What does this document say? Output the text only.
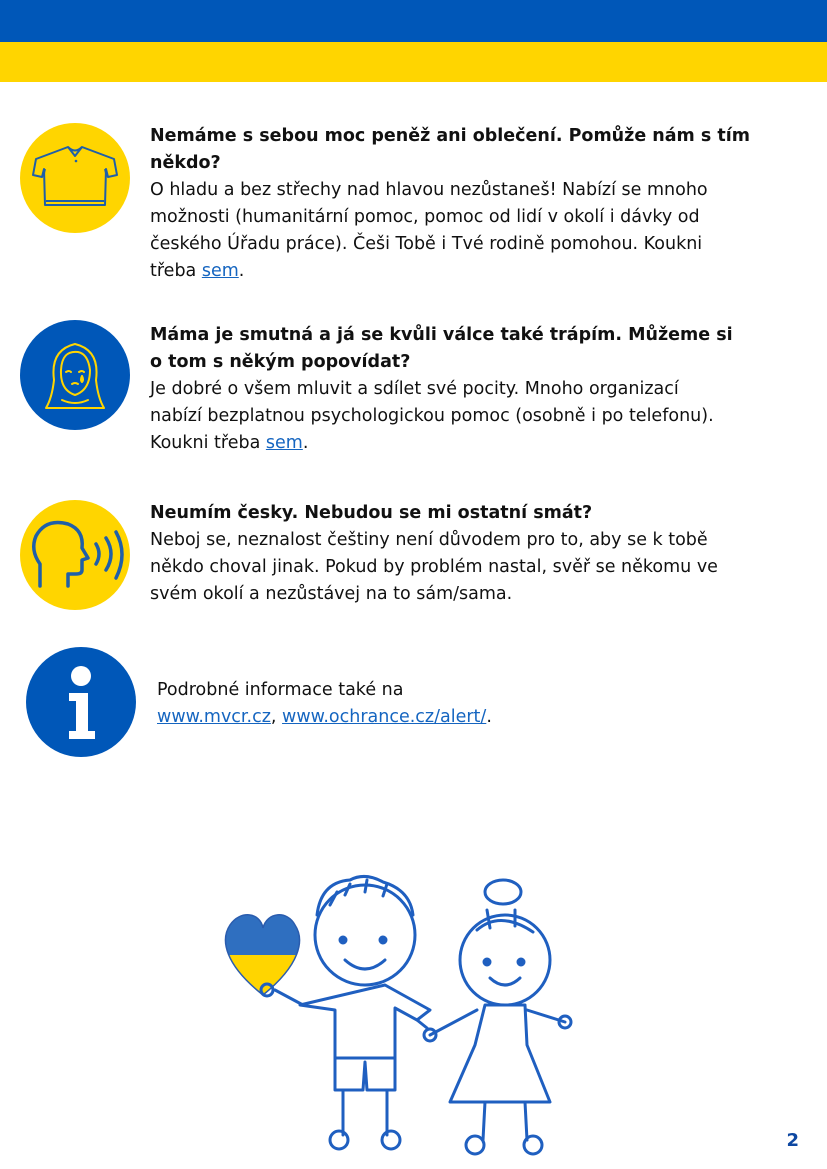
Nemáme s sebou moc peněž ani oblečení. Pomůže nám s tím
někdo?
O hladu a bez střechy nad hlavou nezůstaneš! Nabízí se mnoho
možnosti (humanitární pomoc, pomoc od lidí v okolí i dávky od
českého Úřadu práce). Češi Tobě i Tvé rodině pomohou. Koukni
třeba sem.
Máma je smutná a já se kvůli válce také trápím. Můžeme si
o tom s někým popovídat?
Je dobré o všem mluvit a sdílet své pocity. Mnoho organizací
nabízí bezplatnou psychologickou pomoc (osobně i po telefonu).
Koukni třeba sem.
Neumím česky. Nebudou se mi ostatní smát?
Neboj se, neznalost češtiny není důvodem pro to, aby se k tobě
někdo choval jinak. Pokud by problém nastal, svěř se někomu ve
svém okolí a nezůstávej na to sám/sama.
Podrobné informace také na
www.mvcr.cz, www.ochrance.cz/alert/.
2
